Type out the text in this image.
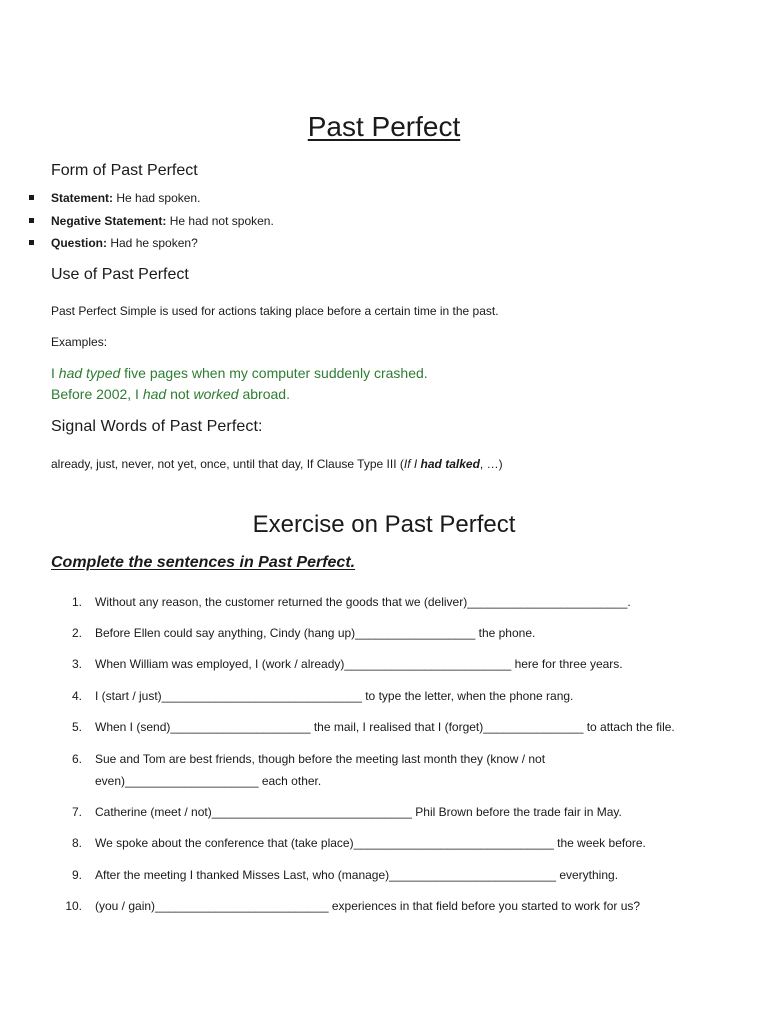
Past Perfect
Form of Past Perfect
Statement: He had spoken.
Negative Statement: He had not spoken.
Question: Had he spoken?
Use of Past Perfect
Past Perfect Simple is used for actions taking place before a certain time in the past.
Examples:
I had typed five pages when my computer suddenly crashed.
Before 2002, I had not worked abroad.
Signal Words of Past Perfect:
already, just, never, not yet, once, until that day, If Clause Type III (If I had talked, …)
Exercise on Past Perfect
Complete the sentences in Past Perfect.
1. Without any reason, the customer returned the goods that we (deliver)________________________.
2. Before Ellen could say anything, Cindy (hang up)__________________ the phone.
3. When William was employed, I (work / already)_________________________ here for three years.
4. I (start / just)______________________________ to type the letter, when the phone rang.
5. When I (send)_____________________ the mail, I realised that I (forget)_______________ to attach the file.
6. Sue and Tom are best friends, though before the meeting last month they (know / not
even)____________________ each other.
7. Catherine (meet / not)______________________________ Phil Brown before the trade fair in May.
8. We spoke about the conference that (take place)______________________________ the week before.
9. After the meeting I thanked Misses Last, who (manage)_________________________ everything.
10. (you / gain)__________________________ experiences in that field before you started to work for us?
